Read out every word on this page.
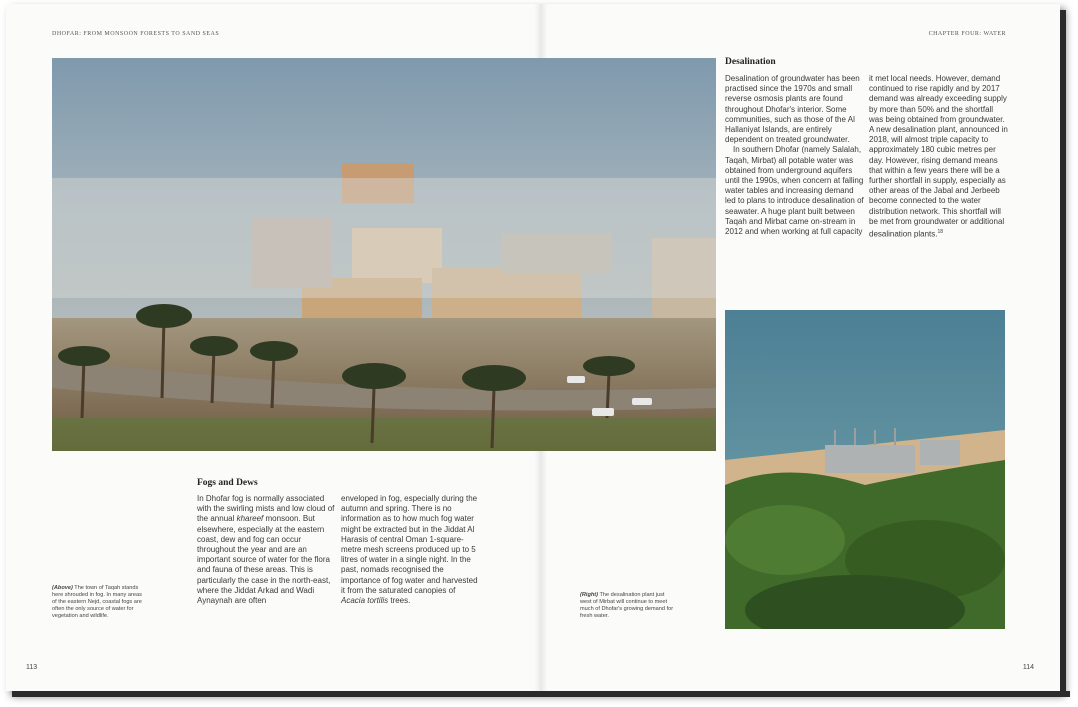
DHOFAR: FROM MONSOON FORESTS TO SAND SEAS	CHAPTER FOUR: WATER
Desalination

Desalination of groundwater has been practised since the 1970s and small reverse osmosis plants are found throughout Dhofar's interior. Some communities, such as those of the Al Hallaniyat Islands, are entirely dependent on treated groundwater.

In southern Dhofar (namely Salalah, Taqah, Mirbat) all potable water was obtained from underground aquifers until the 1990s, when concern at falling water tables and increasing demand led to plans to introduce desalination of seawater. A huge plant built between Taqah and Mirbat came on-stream in 2012 and when working at full capacity

it met local needs. However, demand continued to rise rapidly and by 2017 demand was already exceeding supply by more than 50% and the shortfall was being obtained from groundwater. A new desalination plant, announced in 2018, will almost triple capacity to approximately 180 cubic metres per day. However, rising demand means that within a few years there will be a further shortfall in supply, especially as other areas of the Jabal and Jerbeeb become connected to the water distribution network. This shortfall will be met from groundwater or additional desalination plants.$^{18}$

Fogs and Dews

In Dhofar fog is normally associated with the swirling mists and low cloud of the annual khareef monsoon. But elsewhere, especially at the eastern coast, dew and fog can occur throughout the year and are an important source of water for the flora and fauna of these areas. This is particularly the case in the north-east, where the Jiddat Arkad and Wadi Aynaynah are often

enveloped in fog, especially during the autumn and spring. There is no information as to how much fog water might be extracted but in the Jiddat Al Harasis of central Oman 1-square-metre mesh screens produced up to 5 litres of water in a single night. In the past, nomads recognised the importance of fog water and harvested it from the saturated canopies of Acacia tortilis trees.

(Above) The town of Taqah stands here shrouded in fog. In many areas of the eastern Nejd, coastal fogs are often the only source of water for vegetation and wildlife.
(Right) The desalination plant just west of Mirbat will continue to meet much of Dhofar's growing demand for fresh water.
113	114
